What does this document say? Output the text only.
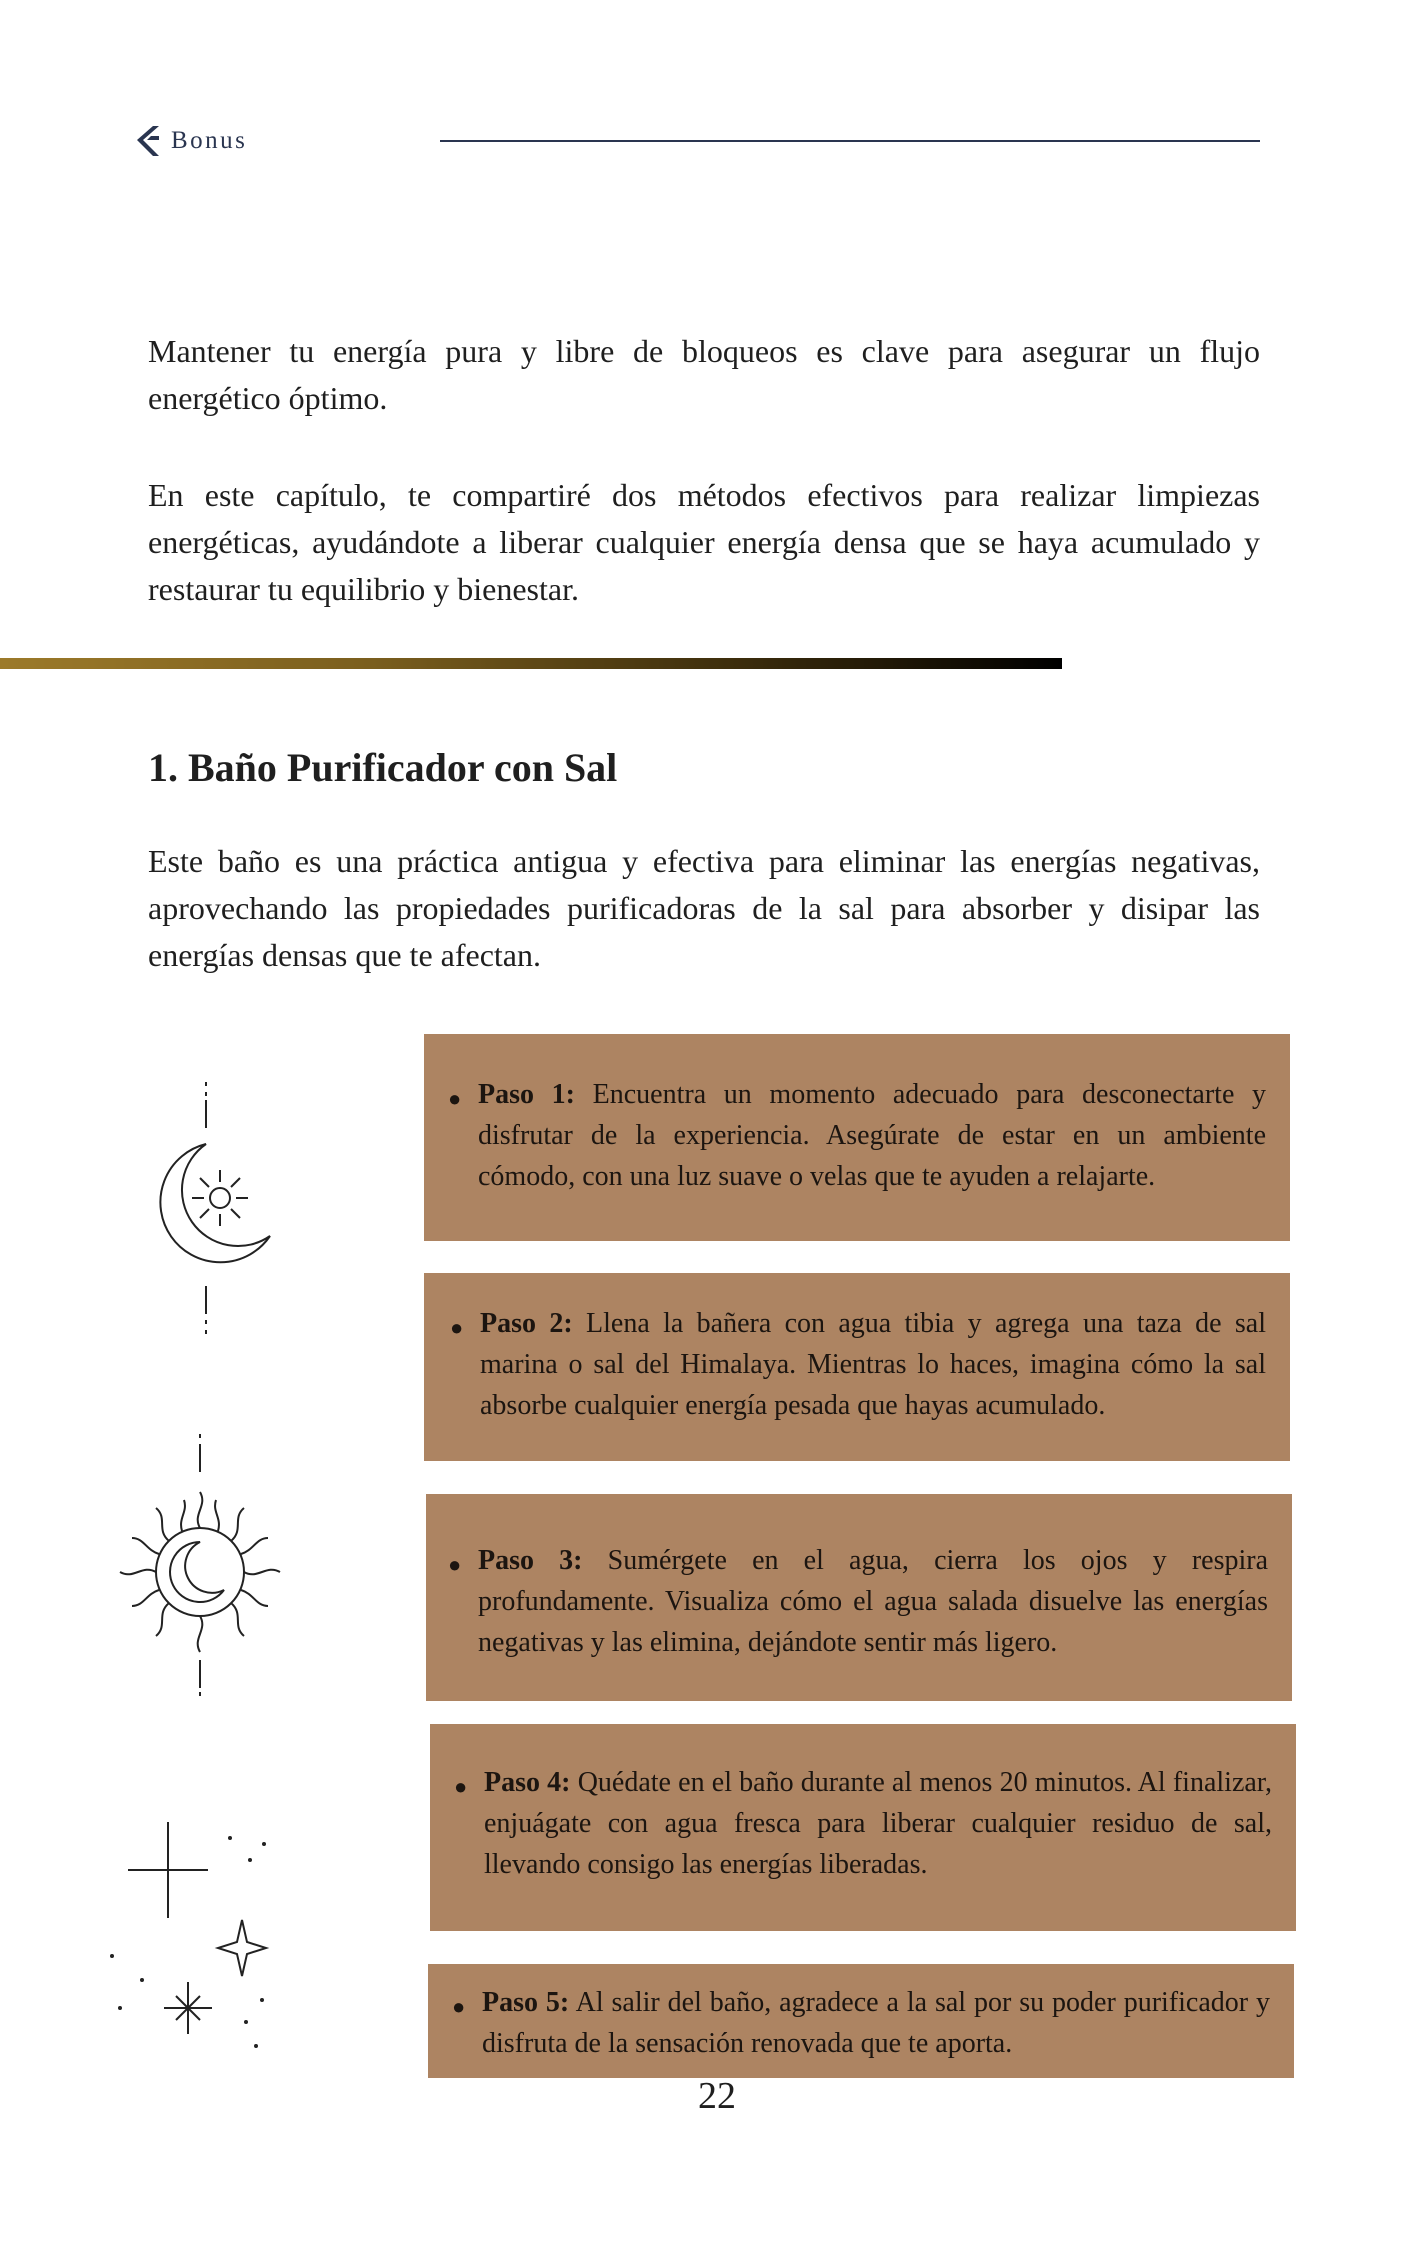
Bonus

Mantener tu energía pura y libre de bloqueos es clave para asegurar un flujo energético óptimo.

En este capítulo, te compartiré dos métodos efectivos para realizar limpiezas energéticas, ayudándote a liberar cualquier energía densa que se haya acumulado y restaurar tu equilibrio y bienestar.

1. Baño Purificador con Sal

Este baño es una práctica antigua y efectiva para eliminar las energías negativas, aprovechando las propiedades purificadoras de la sal para absorber y disipar las energías densas que te afectan.

● Paso 1: Encuentra un momento adecuado para desconectarte y disfrutar de la experiencia. Asegúrate de estar en un ambiente cómodo, con una luz suave o velas que te ayuden a relajarte.
● Paso 2: Llena la bañera con agua tibia y agrega una taza de sal marina o sal del Himalaya. Mientras lo haces, imagina cómo la sal absorbe cualquier energía pesada que hayas acumulado.
● Paso 3: Sumérgete en el agua, cierra los ojos y respira profundamente. Visualiza cómo el agua salada disuelve las energías negativas y las elimina, dejándote sentir más ligero.
● Paso 4: Quédate en el baño durante al menos 20 minutos. Al finalizar, enjuágate con agua fresca para liberar cualquier residuo de sal, llevando consigo las energías liberadas.
● Paso 5: Al salir del baño, agradece a la sal por su poder purificador y disfruta de la sensación renovada que te aporta.
22
